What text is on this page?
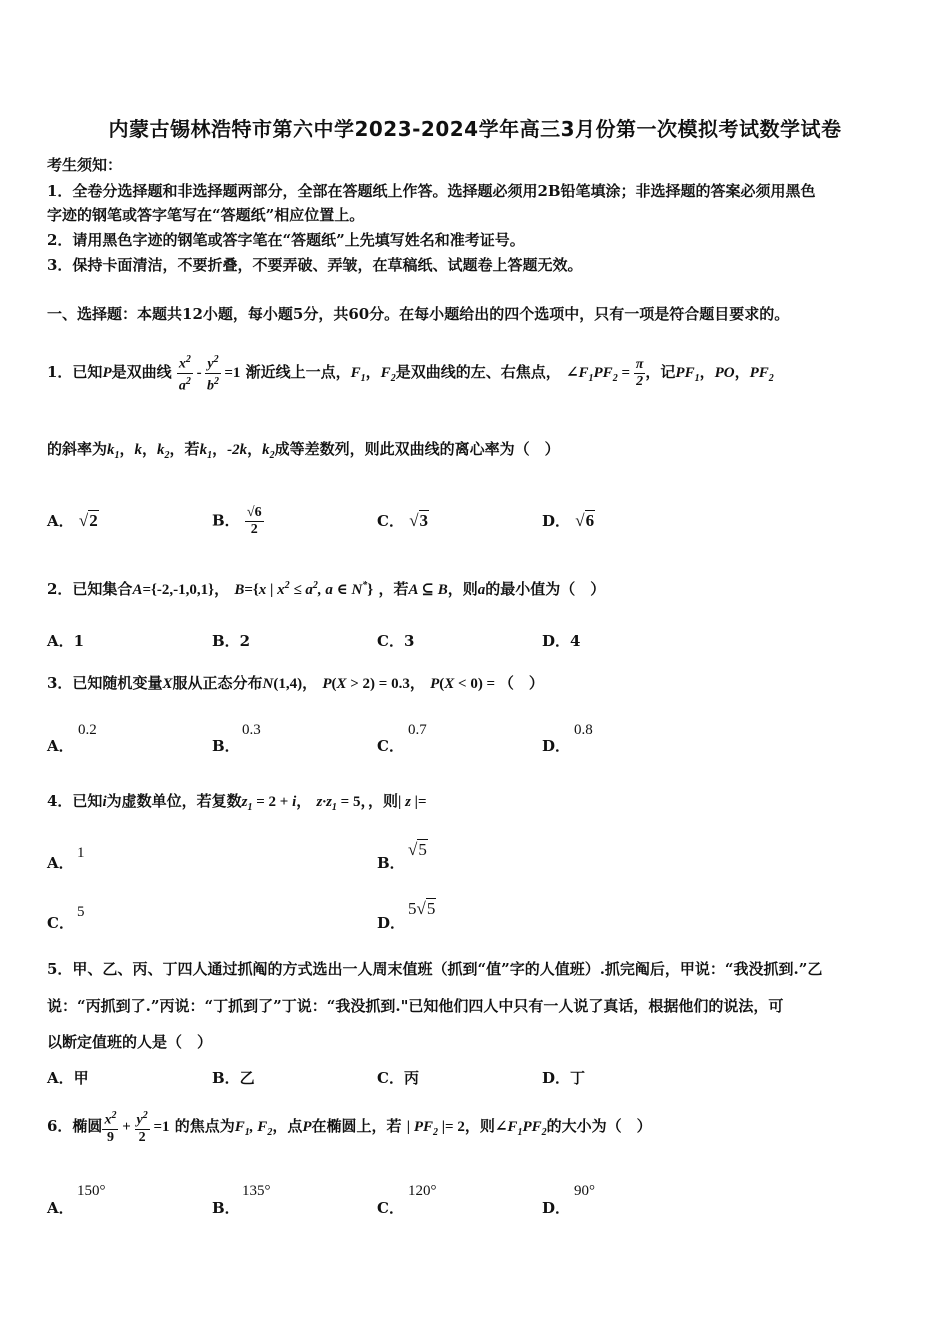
内蒙古锡林浩特市第六中学2023-2024学年高三3月份第一次模拟考试数学试卷
考生须知：
1．全卷分选择题和非选择题两部分，全部在答题纸上作答。选择题必须用2B铅笔填涂；非选择题的答案必须用黑色
字迹的钢笔或答字笔写在“答题纸”相应位置上。
2．请用黑色字迹的钢笔或答字笔在“答题纸”上先填写姓名和准考证号。
3．保持卡面清洁，不要折叠，不要弄破、弄皱，在草稿纸、试题卷上答题无效。
一、选择题：本题共12小题，每小题5分，共60分。在每小题给出的四个选项中，只有一项是符合题目要求的。
1．已知P是双曲线 $\frac{x^2}{a^2} - \frac{y^2}{b^2} =1$ 渐近线上一点，$F_1$，$F_2$是双曲线的左、右焦点， $\angle F_1PF_2 = \frac{\pi}{2}$ ，记$PF_1$，PO，$PF_2$
的斜率为$k_1$，k，$k_2$，若$k_1$，-2k，$k_2$成等差数列，则此双曲线的离心率为（　）
A． √2	B． $\frac{√6}{2}$	C． √3	D． √6
2．已知集合A={-2,-1,0,1}， B={x | $x^2 \le a^2$, a ∈ N*} ，若A ⊆ B，则a的最小值为（　）
A．1	B．2	C．3	D．4
3．已知随机变量X服从正态分布N(1,4)， P(X > 2) = 0.3， P(X < 0) = （　）
A．
0.2
B．
0.3
C．
0.7
D．
0.8
4．已知i为虚数单位，若复数$z_1 = 2 + i$， $z\cdot z_1 = 5$，，则| z |=
A．
1
B．
√5
C．
5
D．
5√5
5．甲、乙、丙、丁四人通过抓阄的方式选出一人周末值班（抓到“值”字的人值班）.抓完阄后，甲说：“我没抓到.”乙
说：“丙抓到了.”丙说：“丁抓到了”丁说：“我没抓到."已知他们四人中只有一人说了真话，根据他们的说法，可
以断定值班的人是（　）
A．甲	B．乙	C．丙	D．丁
6．椭圆 $\frac{x^2}{9} + \frac{y^2}{2} =1$ 的焦点为$F_1$, $F_2$，点P在椭圆上，若 | $PF_2$ |= 2，则$\angle F_1PF_2$的大小为（　）
A．
150°
B．
135°
C．
120°
D．
90°
